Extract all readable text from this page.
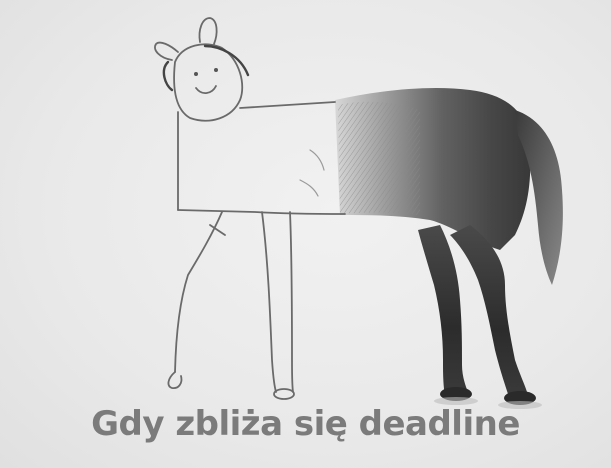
Gdy zbliża się deadline
